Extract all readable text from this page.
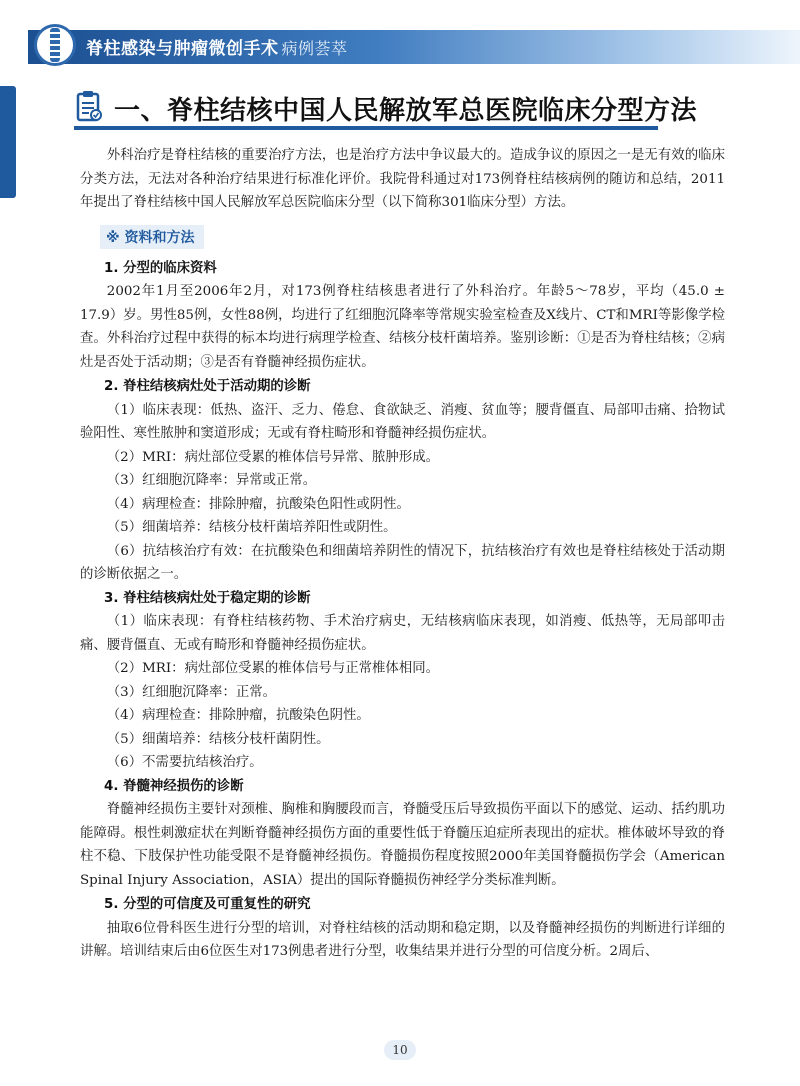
脊柱感染与肿瘤微创手术 病例荟萃
一、脊柱结核中国人民解放军总医院临床分型方法

外科治疗是脊柱结核的重要治疗方法，也是治疗方法中争议最大的。造成争议的原因之一是无有效的临床分类方法，无法对各种治疗结果进行标准化评价。我院骨科通过对173例脊柱结核病例的随访和总结，2011年提出了脊柱结核中国人民解放军总医院临床分型（以下简称301临床分型）方法。

※ 资料和方法
1. 分型的临床资料

2002年1月至2006年2月，对173例脊柱结核患者进行了外科治疗。年龄5～78岁，平均（45.0 ± 17.9）岁。男性85例，女性88例，均进行了红细胞沉降率等常规实验室检查及X线片、CT和MRI等影像学检查。外科治疗过程中获得的标本均进行病理学检查、结核分枝杆菌培养。鉴别诊断：①是否为脊柱结核；②病灶是否处于活动期；③是否有脊髓神经损伤症状。

2. 脊柱结核病灶处于活动期的诊断

（1）临床表现：低热、盗汗、乏力、倦怠、食欲缺乏、消瘦、贫血等；腰背僵直、局部叩击痛、拾物试验阳性、寒性脓肿和窦道形成；无或有脊柱畸形和脊髓神经损伤症状。

（2）MRI：病灶部位受累的椎体信号异常、脓肿形成。

（3）红细胞沉降率：异常或正常。

（4）病理检查：排除肿瘤，抗酸染色阳性或阴性。

（5）细菌培养：结核分枝杆菌培养阳性或阴性。

（6）抗结核治疗有效：在抗酸染色和细菌培养阴性的情况下，抗结核治疗有效也是脊柱结核处于活动期的诊断依据之一。

3. 脊柱结核病灶处于稳定期的诊断

（1）临床表现：有脊柱结核药物、手术治疗病史，无结核病临床表现，如消瘦、低热等，无局部叩击痛、腰背僵直、无或有畸形和脊髓神经损伤症状。

（2）MRI：病灶部位受累的椎体信号与正常椎体相同。

（3）红细胞沉降率：正常。

（4）病理检查：排除肿瘤，抗酸染色阴性。

（5）细菌培养：结核分枝杆菌阴性。

（6）不需要抗结核治疗。

4. 脊髓神经损伤的诊断

脊髓神经损伤主要针对颈椎、胸椎和胸腰段而言，脊髓受压后导致损伤平面以下的感觉、运动、括约肌功能障碍。根性刺激症状在判断脊髓神经损伤方面的重要性低于脊髓压迫症所表现出的症状。椎体破坏导致的脊柱不稳、下肢保护性功能受限不是脊髓神经损伤。脊髓损伤程度按照2000年美国脊髓损伤学会（American Spinal Injury Association，ASIA）提出的国际脊髓损伤神经学分类标准判断。

5. 分型的可信度及可重复性的研究

抽取6位骨科医生进行分型的培训，对脊柱结核的活动期和稳定期，以及脊髓神经损伤的判断进行详细的讲解。培训结束后由6位医生对173例患者进行分型，收集结果并进行分型的可信度分析。2周后、

10
